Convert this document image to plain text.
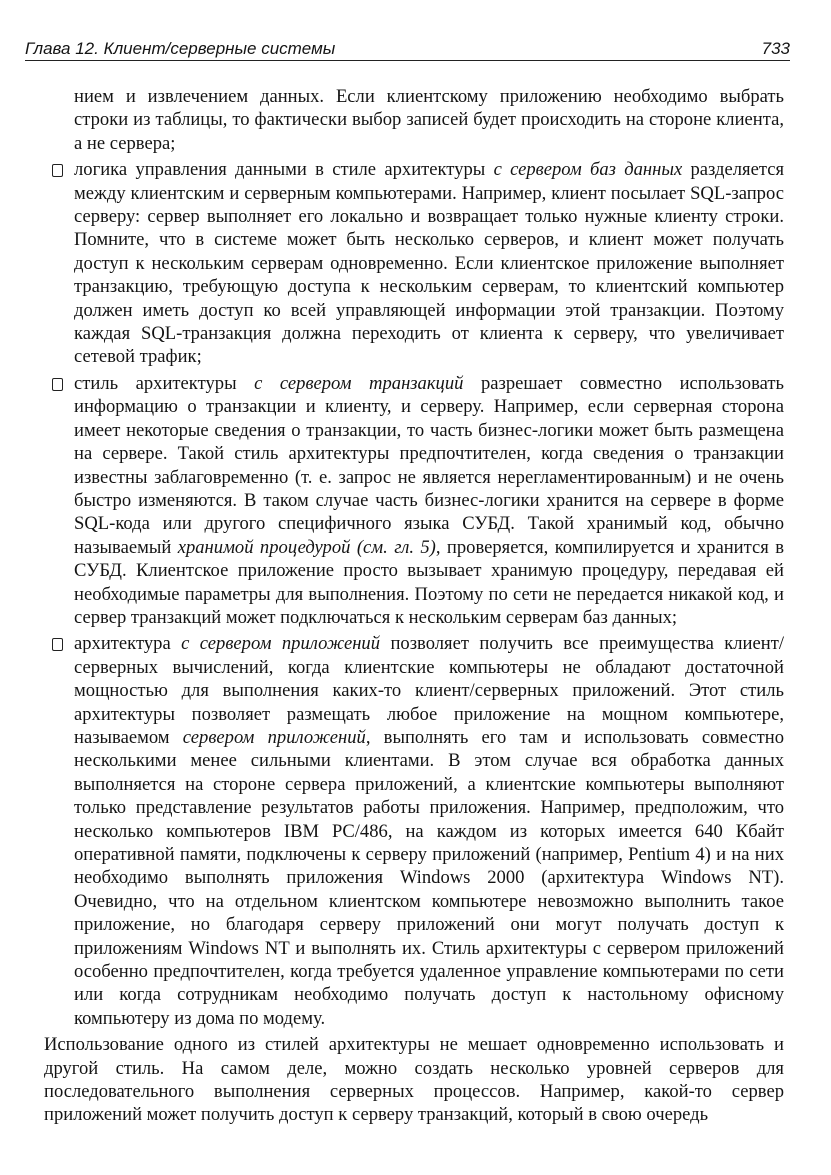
Глава 12. Клиент/серверные системы	733

нием и извлечением данных. Если клиентскому приложению необходимо выбрать строки из таблицы, то фактически выбор записей будет происходить на стороне клиента, а не сервера;

логика управления данными в стиле архитектуры с сервером баз данных разделяется между клиентским и серверным компьютерами. Например, клиент посылает SQL-запрос серверу: сервер выполняет его локально и возвращает только нужные клиенту строки. Помните, что в системе может быть несколько серверов, и клиент может получать доступ к нескольким серверам одновременно. Если клиентское приложение выполняет транзакцию, требующую доступа к нескольким серверам, то клиентский компьютер должен иметь доступ ко всей управляющей информации этой транзакции. Поэтому каждая SQL-транзакция должна переходить от клиента к серверу, что увеличивает сетевой трафик;

стиль архитектуры с сервером транзакций разрешает совместно использовать информацию о транзакции и клиенту, и серверу. Например, если серверная сторона имеет некоторые сведения о транзакции, то часть бизнес-логики может быть размещена на сервере. Такой стиль архитектуры предпочтителен, когда сведения о транзакции известны заблаговременно (т. е. запрос не является нерегламентированным) и не очень быстро изменяются. В таком случае часть бизнес-логики хранится на сервере в форме SQL-кода или другого специфичного языка СУБД. Такой хранимый код, обычно называемый хранимой процедурой (см. гл. 5), проверяется, компилируется и хранится в СУБД. Клиентское приложение просто вызывает хранимую процедуру, передавая ей необходимые параметры для выполнения. Поэтому по сети не передается никакой код, и сервер транзакций может подключаться к нескольким серверам баз данных;

архитектура с сервером приложений позволяет получить все преимущества клиент/серверных вычислений, когда клиентские компьютеры не обладают достаточной мощностью для выполнения каких-то клиент/серверных приложений. Этот стиль архитектуры позволяет размещать любое приложение на мощном компьютере, называемом сервером приложений, выполнять его там и использовать совместно несколькими менее сильными клиентами. В этом случае вся обработка данных выполняется на стороне сервера приложений, а клиентские компьютеры выполняют только представление результатов работы приложения. Например, предположим, что несколько компьютеров IBM PC/486, на каждом из которых имеется 640 Кбайт оперативной памяти, подключены к серверу приложений (например, Pentium 4) и на них необходимо выполнять приложения Windows 2000 (архитектура Windows NT). Очевидно, что на отдельном клиентском компьютере невозможно выполнить такое приложение, но благодаря серверу приложений они могут получать доступ к приложениям Windows NT и выполнять их. Стиль архитектуры с сервером приложений особенно предпочтителен, когда требуется удаленное управление компьютерами по сети или когда сотрудникам необходимо получать доступ к настольному офисному компьютеру из дома по модему.

Использование одного из стилей архитектуры не мешает одновременно использовать и другой стиль. На самом деле, можно создать несколько уровней серверов для последовательного выполнения серверных процессов. Например, какой-то сервер приложений может получить доступ к серверу транзакций, который в свою очередь
